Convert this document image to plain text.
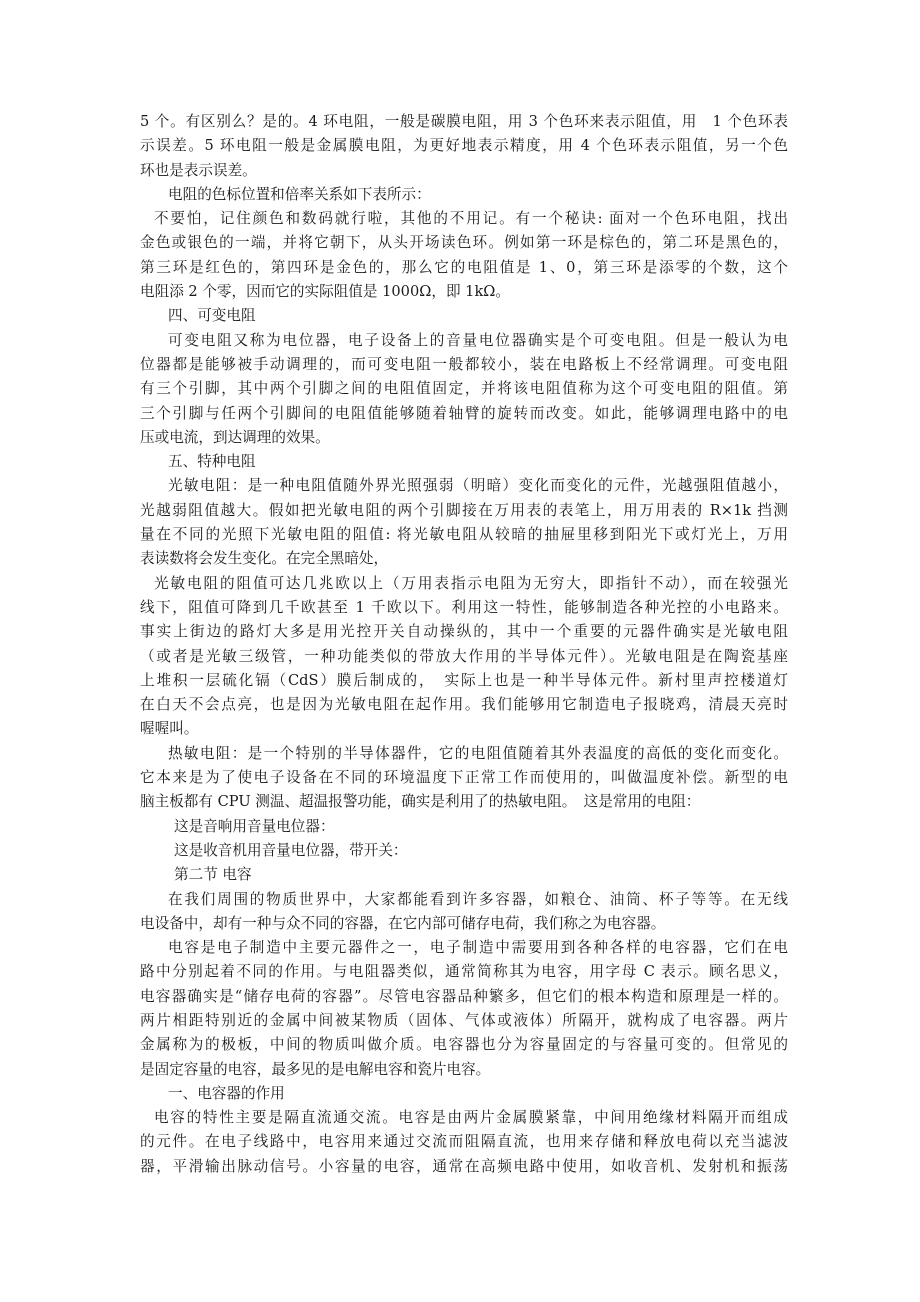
5 个。有区别么？是的。4 环电阻，一般是碳膜电阻，用 3 个色环来表示阻值，用　1 个色环表
示误差。5 环电阻一般是金属膜电阻，为更好地表示精度，用 4 个色环表示阻值，另一个色
环也是表示误差。
电阻的色标位置和倍率关系如下表所示：
不要怕，记住颜色和数码就行啦，其他的不用记。有一个秘诀: 面对一个色环电阻，找出
金色或银色的一端，并将它朝下，从头开场读色环。例如第一环是棕色的，第二环是黑色的，
第三环是红色的，第四环是金色的，那么它的电阻值是 1、0，第三环是添零的个数，这个
电阻添 2 个零，因而它的实际阻值是 1000Ω，即 1kΩ。
四、可变电阻
可变电阻又称为电位器，电子设备上的音量电位器确实是个可变电阻。但是一般认为电
位器都是能够被手动调理的，而可变电阻一般都较小，装在电路板上不经常调理。可变电阻
有三个引脚，其中两个引脚之间的电阻值固定，并将该电阻值称为这个可变电阻的阻值。第
三个引脚与任两个引脚间的电阻值能够随着轴臂的旋转而改变。如此，能够调理电路中的电
压或电流，到达调理的效果。
五、特种电阻
光敏电阻：是一种电阻值随外界光照强弱（明暗）变化而变化的元件，光越强阻值越小，
光越弱阻值越大。假如把光敏电阻的两个引脚接在万用表的表笔上，用万用表的 R×1k 挡测
量在不同的光照下光敏电阻的阻值: 将光敏电阻从较暗的抽屉里移到阳光下或灯光上，万用
表读数将会发生变化。在完全黑暗处，
光敏电阻的阻值可达几兆欧以上（万用表指示电阻为无穷大，即指针不动），而在较强光
线下，阻值可降到几千欧甚至 1 千欧以下。利用这一特性，能够制造各种光控的小电路来。
事实上街边的路灯大多是用光控开关自动操纵的，其中一个重要的元器件确实是光敏电阻
（或者是光敏三级管，一种功能类似的带放大作用的半导体元件）。光敏电阻是在陶瓷基座
上堆积一层硫化镉（CdS）膜后制成的，　实际上也是一种半导体元件。新村里声控楼道灯
在白天不会点亮，也是因为光敏电阻在起作用。我们能够用它制造电子报晓鸡，清晨天亮时
喔喔叫。
热敏电阻：是一个特别的半导体器件，它的电阻值随着其外表温度的高低的变化而变化。
它本来是为了使电子设备在不同的环境温度下正常工作而使用的，叫做温度补偿。新型的电
脑主板都有 CPU 测温、超温报警功能，确实是利用了的热敏电阻。　这是常用的电阻：
这是音响用音量电位器：
这是收音机用音量电位器，带开关：
第二节 电容
在我们周围的物质世界中，大家都能看到许多容器，如粮仓、油筒、杯子等等。在无线
电设备中，却有一种与众不同的容器，在它内部可储存电荷，我们称之为电容器。
电容是电子制造中主要元器件之一，电子制造中需要用到各种各样的电容器，它们在电
路中分别起着不同的作用。与电阻器类似，通常简称其为电容，用字母 C 表示。顾名思义，
电容器确实是“储存电荷的容器”。尽管电容器品种繁多，但它们的根本构造和原理是一样的。
两片相距特别近的金属中间被某物质（固体、气体或液体）所隔开，就构成了电容器。两片
金属称为的极板，中间的物质叫做介质。电容器也分为容量固定的与容量可变的。但常见的
是固定容量的电容，最多见的是电解电容和瓷片电容。
一、电容器的作用
电容的特性主要是隔直流通交流。电容是由两片金属膜紧靠，中间用绝缘材料隔开而组成
的元件。在电子线路中，电容用来通过交流而阻隔直流，也用来存储和释放电荷以充当滤波
器，平滑输出脉动信号。小容量的电容，通常在高频电路中使用，如收音机、发射机和振荡
